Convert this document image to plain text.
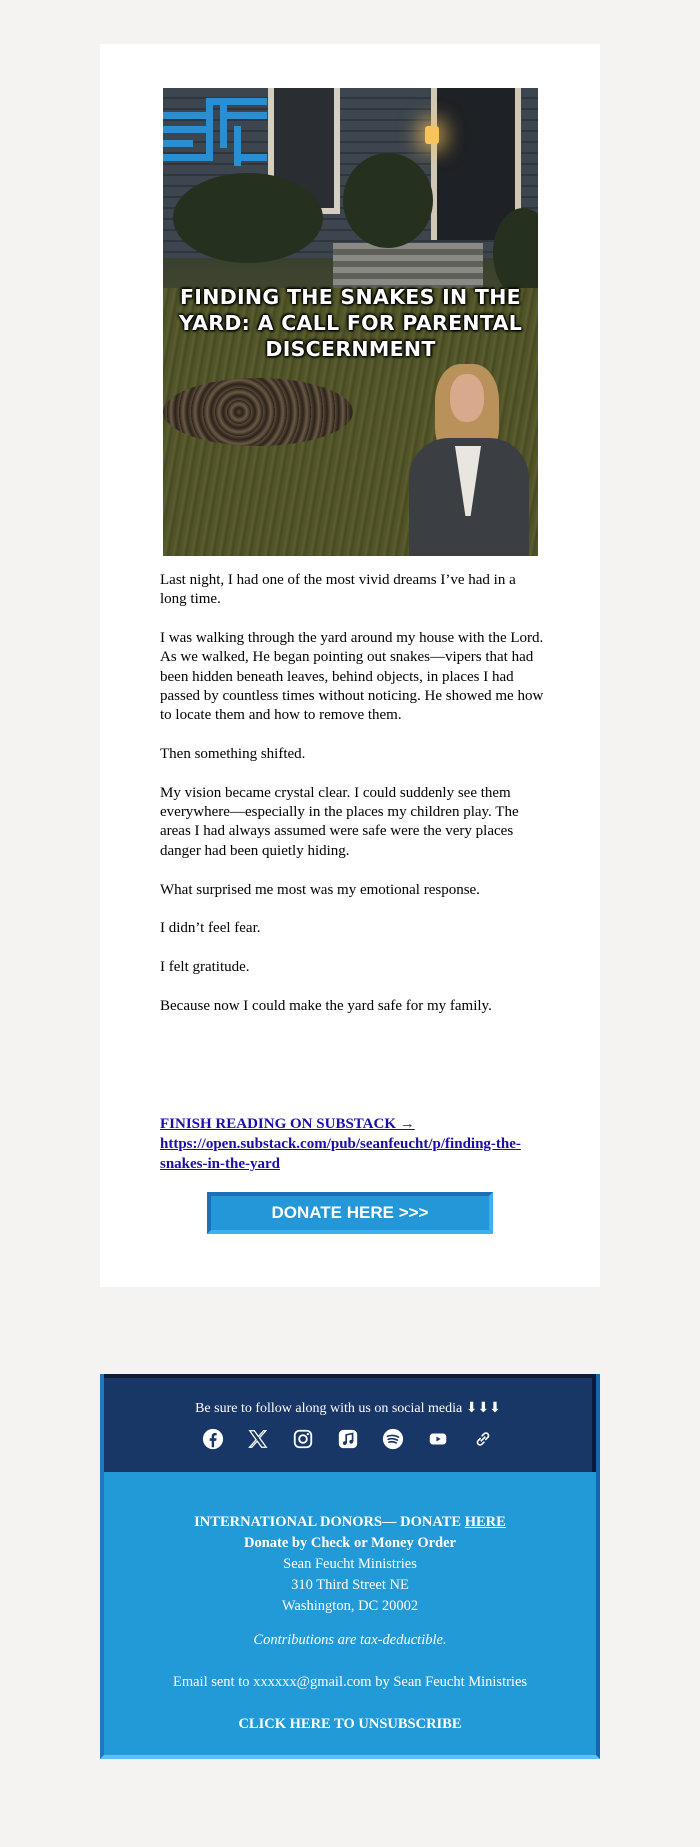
FINDING THE SNAKES IN THE YARD: A CALL FOR PARENTAL DISCERNMENT

Last night, I had one of the most vivid dreams I’ve had in a long time.

I was walking through the yard around my house with the Lord. As we walked, He began pointing out snakes—vipers that had been hidden beneath leaves, behind objects, in places I had passed by countless times without noticing. He showed me how to locate them and how to remove them.

Then something shifted.

My vision became crystal clear. I could suddenly see them everywhere—especially in the places my children play. The areas I had always assumed were safe were the very places danger had been quietly hiding.

What surprised me most was my emotional response.

I didn’t feel fear.

I felt gratitude.

Because now I could make the yard safe for my family.

FINISH READING ON SUBSTACK →
https://open.substack.com/pub/seanfeucht/p/finding-the-snakes-in-the-yard
DONATE HERE >>>
Be sure to follow along with us on social media ⬇⬇⬇

INTERNATIONAL DONORS— DONATE HERE
Donate by Check or Money Order
Sean Feucht Ministries
310 Third Street NE
Washington, DC 20002
Contributions are tax-deductible.
Email sent to xxxxxx@gmail.com by Sean Feucht Ministries
CLICK HERE TO UNSUBSCRIBE
